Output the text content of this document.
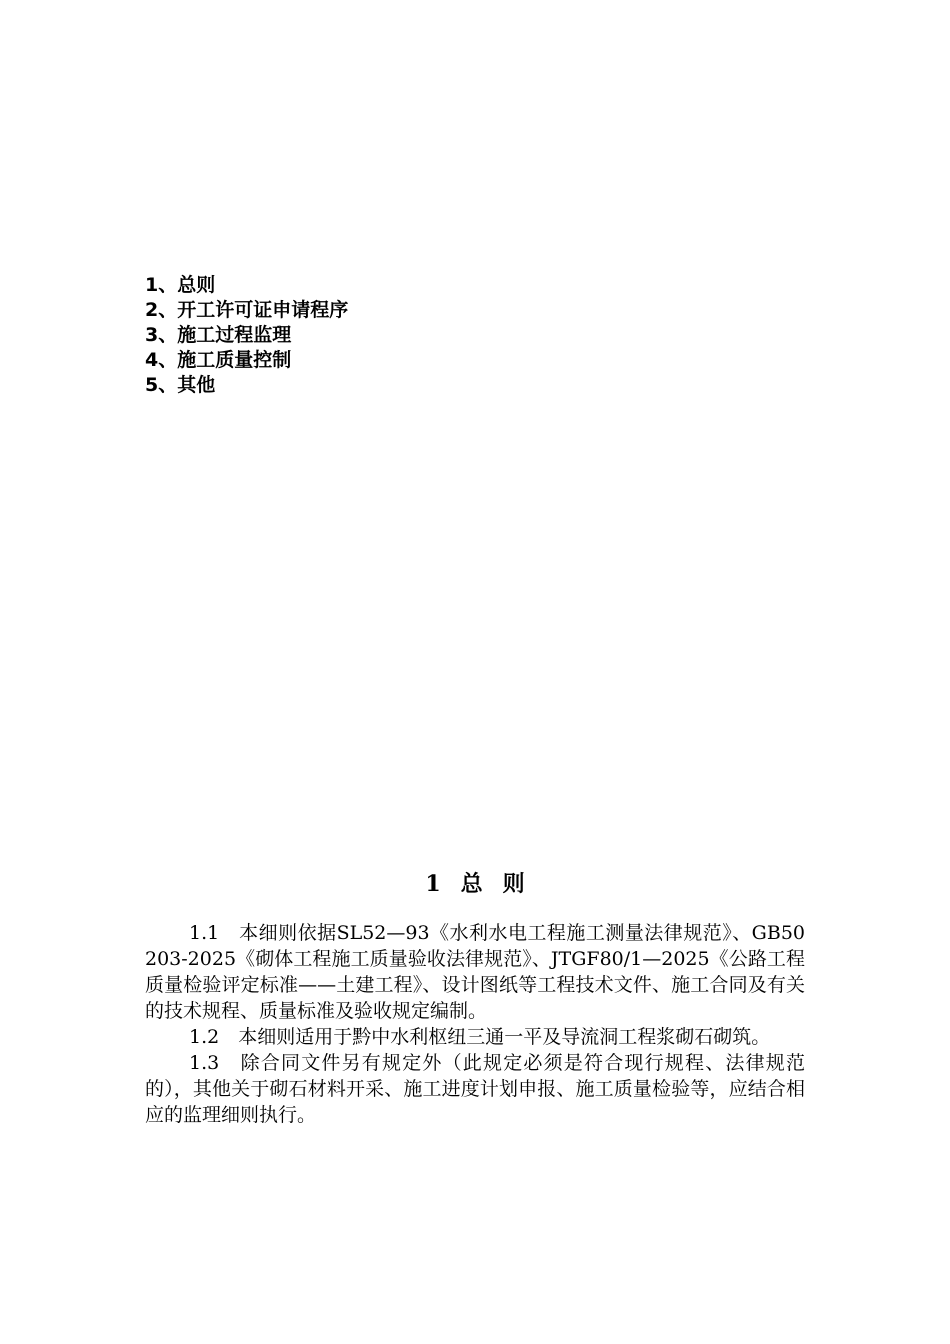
1、总则
2、开工许可证申请程序
3、施工过程监理
4、施工质量控制
5、其他
1 总 则

1.1　本细则依据SL52—93《水利水电工程施工测量法律规范》、GB50203-2025《砌体工程施工质量验收法律规范》、JTGF80/1—2025《公路工程质量检验评定标准——土建工程》、设计图纸等工程技术文件、施工合同及有关的技术规程、质量标准及验收规定编制。

1.2　本细则适用于黔中水利枢纽三通一平及导流洞工程浆砌石砌筑。

1.3　除合同文件另有规定外（此规定必须是符合现行规程、法律规范的），其他关于砌石材料开采、施工进度计划申报、施工质量检验等，应结合相应的监理细则执行。
